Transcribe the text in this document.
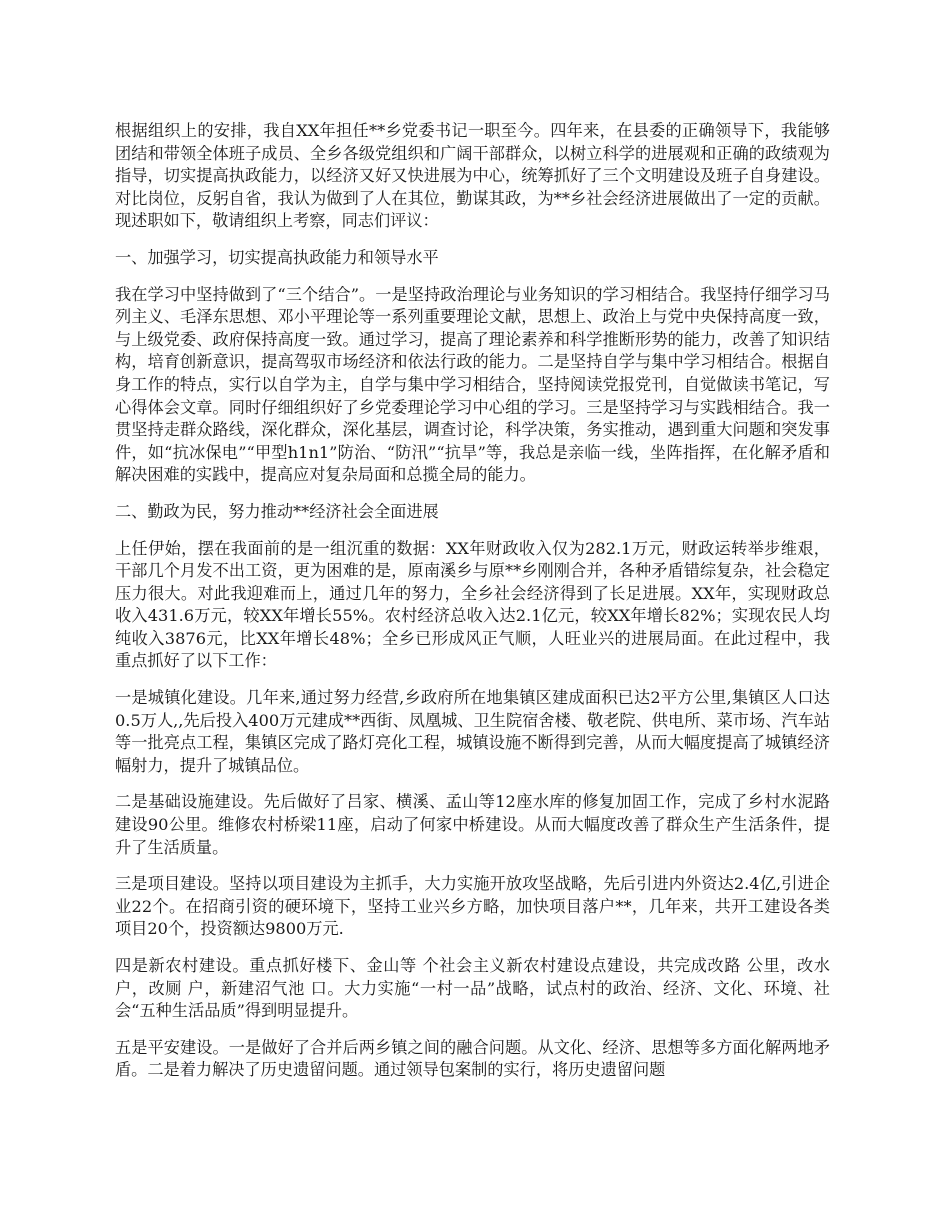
根据组织上的安排，我自XX年担任**乡党委书记一职至今。四年来，在县委的正确领导下，我能够团结和带领全体班子成员、全乡各级党组织和广阔干部群众，以树立科学的进展观和正确的政绩观为指导，切实提高执政能力，以经济又好又快进展为中心，统筹抓好了三个文明建设及班子自身建设。对比岗位，反躬自省，我认为做到了人在其位，勤谋其政，为**乡社会经济进展做出了一定的贡献。现述职如下，敬请组织上考察，同志们评议：

一、加强学习，切实提高执政能力和领导水平

我在学习中坚持做到了“三个结合”。一是坚持政治理论与业务知识的学习相结合。我坚持仔细学习马列主义、毛泽东思想、邓小平理论等一系列重要理论文献，思想上、政治上与党中央保持高度一致，与上级党委、政府保持高度一致。通过学习，提高了理论素养和科学推断形势的能力，改善了知识结构，培育创新意识，提高驾驭市场经济和依法行政的能力。二是坚持自学与集中学习相结合。根据自身工作的特点，实行以自学为主，自学与集中学习相结合，坚持阅读党报党刊，自觉做读书笔记，写心得体会文章。同时仔细组织好了乡党委理论学习中心组的学习。三是坚持学习与实践相结合。我一贯坚持走群众路线，深化群众，深化基层，调查讨论，科学决策，务实推动，遇到重大问题和突发事件，如“抗冰保电”“甲型h1n1”防治、“防汛”“抗旱”等，我总是亲临一线，坐阵指挥，在化解矛盾和解决困难的实践中，提高应对复杂局面和总揽全局的能力。

二、勤政为民，努力推动**经济社会全面进展

上任伊始，摆在我面前的是一组沉重的数据：XX年财政收入仅为282.1万元，财政运转举步维艰，干部几个月发不出工资，更为困难的是，原南溪乡与原**乡刚刚合并，各种矛盾错综复杂，社会稳定压力很大。对此我迎难而上，通过几年的努力，全乡社会经济得到了长足进展。XX年，实现财政总收入431.6万元，较XX年增长55%。农村经济总收入达2.1亿元，较XX年增长82%；实现农民人均纯收入3876元，比XX年增长48%；全乡已形成风正气顺，人旺业兴的进展局面。在此过程中，我重点抓好了以下工作：

一是城镇化建设。几年来,通过努力经营,乡政府所在地集镇区建成面积已达2平方公里,集镇区人口达0.5万人,,先后投入400万元建成**西街、凤凰城、卫生院宿舍楼、敬老院、供电所、菜市场、汽车站等一批亮点工程，集镇区完成了路灯亮化工程，城镇设施不断得到完善，从而大幅度提高了城镇经济幅射力，提升了城镇品位。

二是基础设施建设。先后做好了吕家、横溪、孟山等12座水库的修复加固工作，完成了乡村水泥路建设90公里。维修农村桥梁11座，启动了何家中桥建设。从而大幅度改善了群众生产生活条件，提升了生活质量。

三是项目建设。坚持以项目建设为主抓手，大力实施开放攻坚战略，先后引进内外资达2.4亿,引进企业22个。在招商引资的硬环境下，坚持工业兴乡方略，加快项目落户**，几年来，共开工建设各类项目20个，投资额达9800万元.

四是新农村建设。重点抓好楼下、金山等 个社会主义新农村建设点建设，共完成改路 公里，改水 户，改厕 户，新建沼气池 口。大力实施“一村一品”战略，试点村的政治、经济、文化、环境、社会“五种生活品质”得到明显提升。

五是平安建设。一是做好了合并后两乡镇之间的融合问题。从文化、经济、思想等多方面化解两地矛盾。二是着力解决了历史遗留问题。通过领导包案制的实行，将历史遗留问题
